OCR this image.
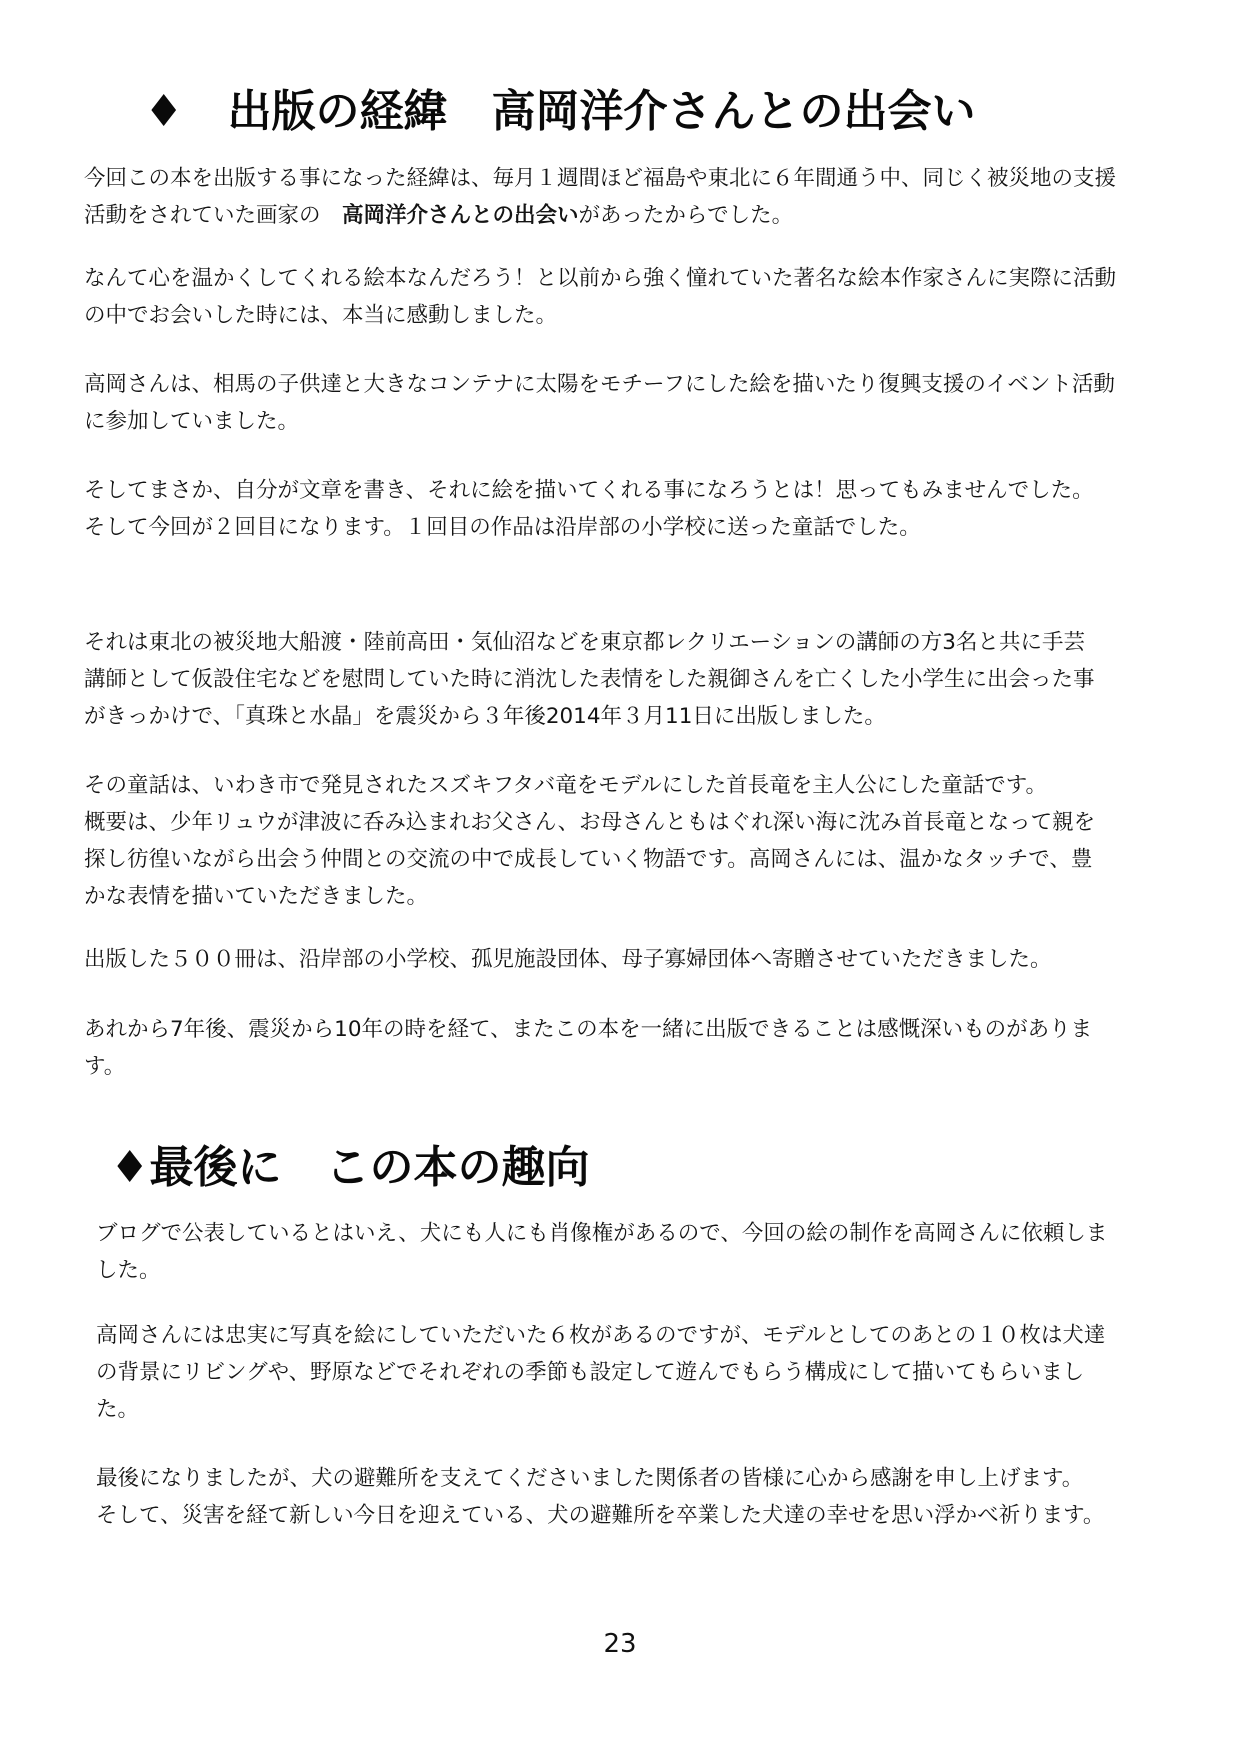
♦　出版の経緯　高岡洋介さんとの出会い

今回この本を出版する事になった経緯は、毎月１週間ほど福島や東北に６年間通う中、同じく被災地の支援
活動をされていた画家の　高岡洋介さんとの出会いがあったからでした。

なんて心を温かくしてくれる絵本なんだろう！と以前から強く憧れていた著名な絵本作家さんに実際に活動
の中でお会いした時には、本当に感動しました。

高岡さんは、相馬の子供達と大きなコンテナに太陽をモチーフにした絵を描いたり復興支援のイベント活動
に参加していました。

そしてまさか、自分が文章を書き、それに絵を描いてくれる事になろうとは！思ってもみませんでした。
そして今回が２回目になります。１回目の作品は沿岸部の小学校に送った童話でした。

それは東北の被災地大船渡・陸前高田・気仙沼などを東京都レクリエーションの講師の方3名と共に手芸
講師として仮設住宅などを慰問していた時に消沈した表情をした親御さんを亡くした小学生に出会った事
がきっかけで、「真珠と水晶」を震災から３年後2014年３月11日に出版しました。

その童話は、いわき市で発見されたスズキフタバ竜をモデルにした首長竜を主人公にした童話です。
概要は、少年リュウが津波に呑み込まれお父さん、お母さんともはぐれ深い海に沈み首長竜となって親を
探し彷徨いながら出会う仲間との交流の中で成長していく物語です。高岡さんには、温かなタッチで、豊
かな表情を描いていただきました。

出版した５００冊は、沿岸部の小学校、孤児施設団体、母子寡婦団体へ寄贈させていただきました。

あれから7年後、震災から10年の時を経て、またこの本を一緒に出版できることは感慨深いものがありま
す。

♦最後に　この本の趣向

ブログで公表しているとはいえ、犬にも人にも肖像権があるので、今回の絵の制作を高岡さんに依頼しま
した。

高岡さんには忠実に写真を絵にしていただいた６枚があるのですが、モデルとしてのあとの１０枚は犬達
の背景にリビングや、野原などでそれぞれの季節も設定して遊んでもらう構成にして描いてもらいまし
た。

最後になりましたが、犬の避難所を支えてくださいました関係者の皆様に心から感謝を申し上げます。
そして、災害を経て新しい今日を迎えている、犬の避難所を卒業した犬達の幸せを思い浮かべ祈ります。

23
